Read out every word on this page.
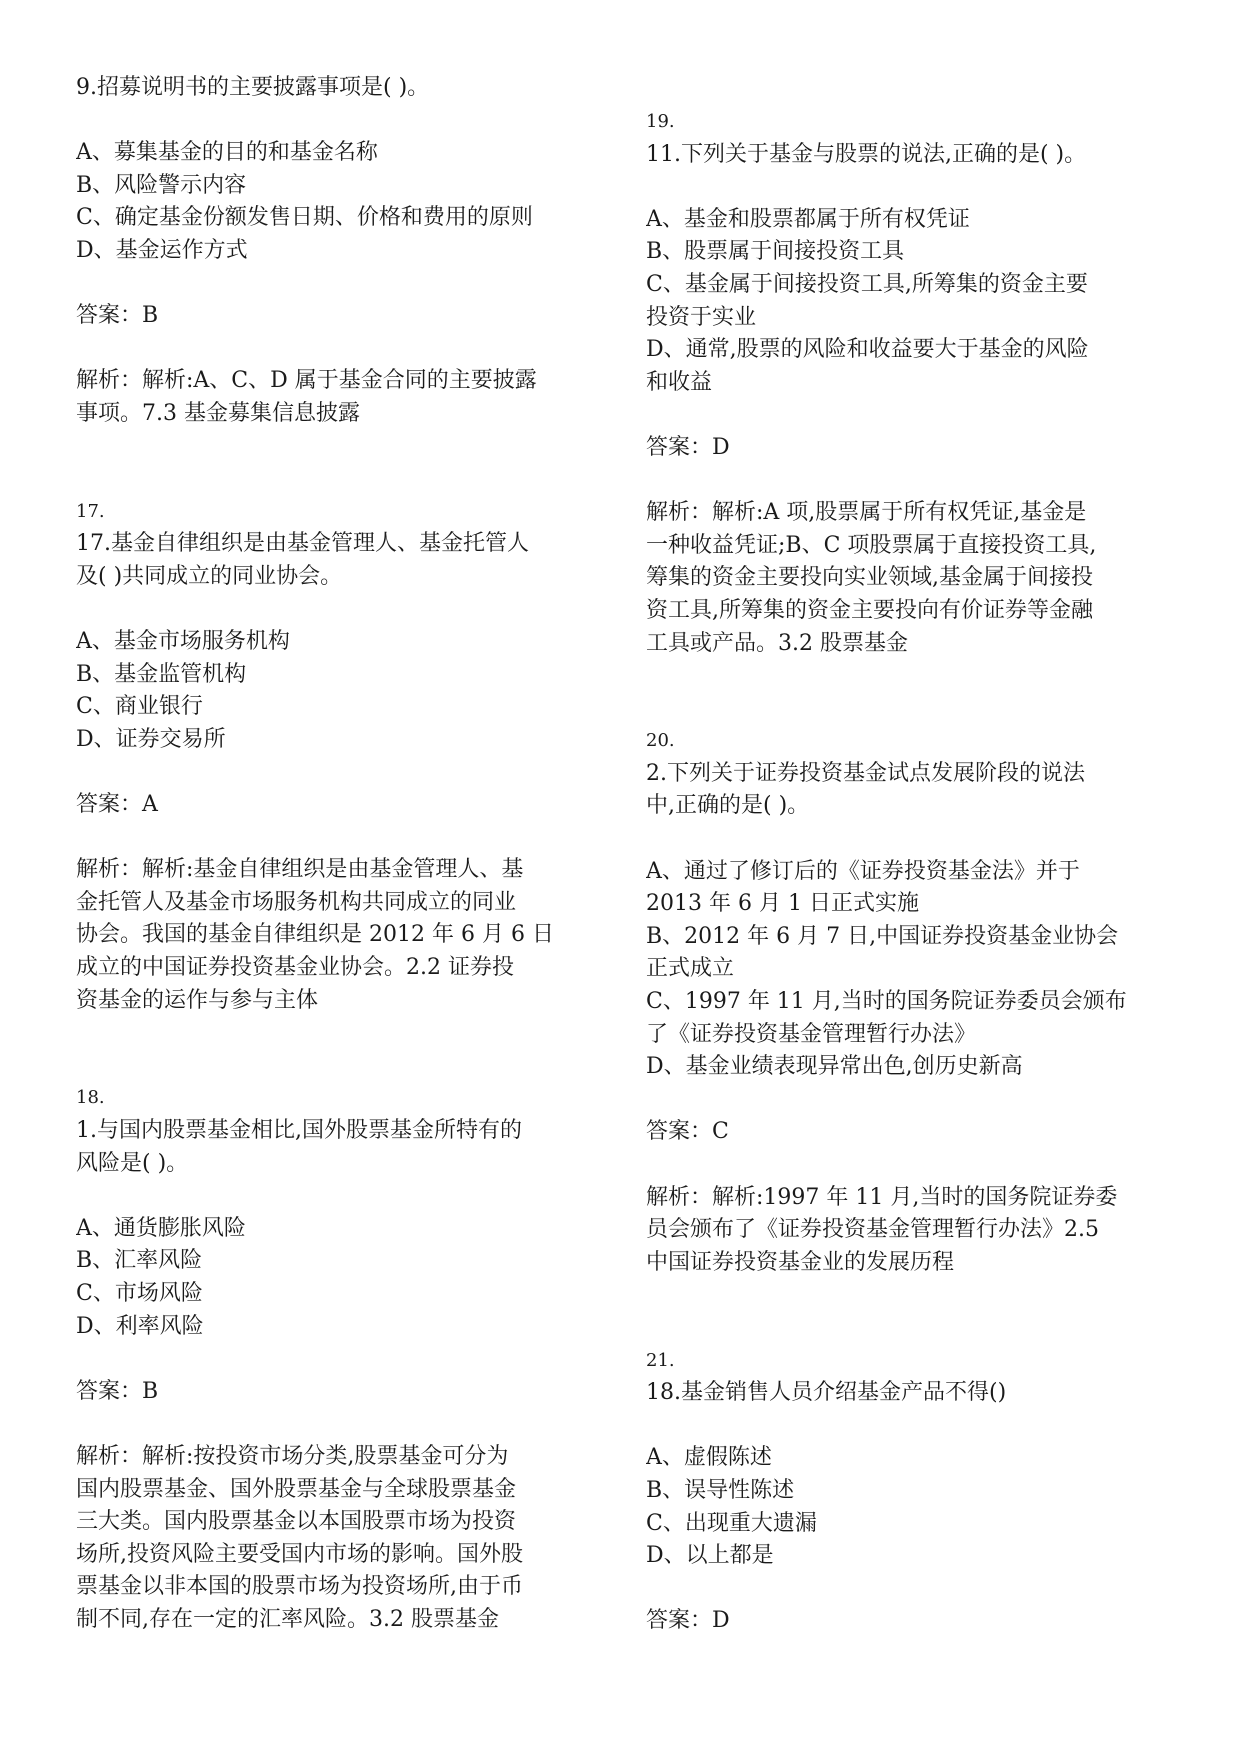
9.招募说明书的主要披露事项是( )。
A、募集基金的目的和基金名称
B、风险警示内容
C、确定基金份额发售日期、价格和费用的原则
D、基金运作方式
答案：B
解析：解析:A、C、D 属于基金合同的主要披露
事项。7.3 基金募集信息披露
17.
17.基金自律组织是由基金管理人、基金托管人
及( )共同成立的同业协会。
A、基金市场服务机构
B、基金监管机构
C、商业银行
D、证券交易所
答案：A
解析：解析:基金自律组织是由基金管理人、基
金托管人及基金市场服务机构共同成立的同业
协会。我国的基金自律组织是 2012 年 6 月 6 日
成立的中国证券投资基金业协会。2.2 证券投
资基金的运作与参与主体
18.
1.与国内股票基金相比,国外股票基金所特有的
风险是( )。
A、通货膨胀风险
B、汇率风险
C、市场风险
D、利率风险
答案：B
解析：解析:按投资市场分类,股票基金可分为
国内股票基金、国外股票基金与全球股票基金
三大类。国内股票基金以本国股票市场为投资
场所,投资风险主要受国内市场的影响。国外股
票基金以非本国的股票市场为投资场所,由于币
制不同,存在一定的汇率风险。3.2 股票基金
19.
11.下列关于基金与股票的说法,正确的是( )。
A、基金和股票都属于所有权凭证
B、股票属于间接投资工具
C、基金属于间接投资工具,所筹集的资金主要
投资于实业
D、通常,股票的风险和收益要大于基金的风险
和收益
答案：D
解析：解析:A 项,股票属于所有权凭证,基金是
一种收益凭证;B、C 项股票属于直接投资工具,
筹集的资金主要投向实业领域,基金属于间接投
资工具,所筹集的资金主要投向有价证券等金融
工具或产品。3.2 股票基金
20.
2.下列关于证券投资基金试点发展阶段的说法
中,正确的是( )。
A、通过了修订后的《证券投资基金法》并于
2013 年 6 月 1 日正式实施
B、2012 年 6 月 7 日,中国证券投资基金业协会
正式成立
C、1997 年 11 月,当时的国务院证券委员会颁布
了《证券投资基金管理暂行办法》
D、基金业绩表现异常出色,创历史新高
答案：C
解析：解析:1997 年 11 月,当时的国务院证券委
员会颁布了《证券投资基金管理暂行办法》2.5
中国证券投资基金业的发展历程
21.
18.基金销售人员介绍基金产品不得()
A、虚假陈述
B、误导性陈述
C、出现重大遗漏
D、以上都是
答案：D
